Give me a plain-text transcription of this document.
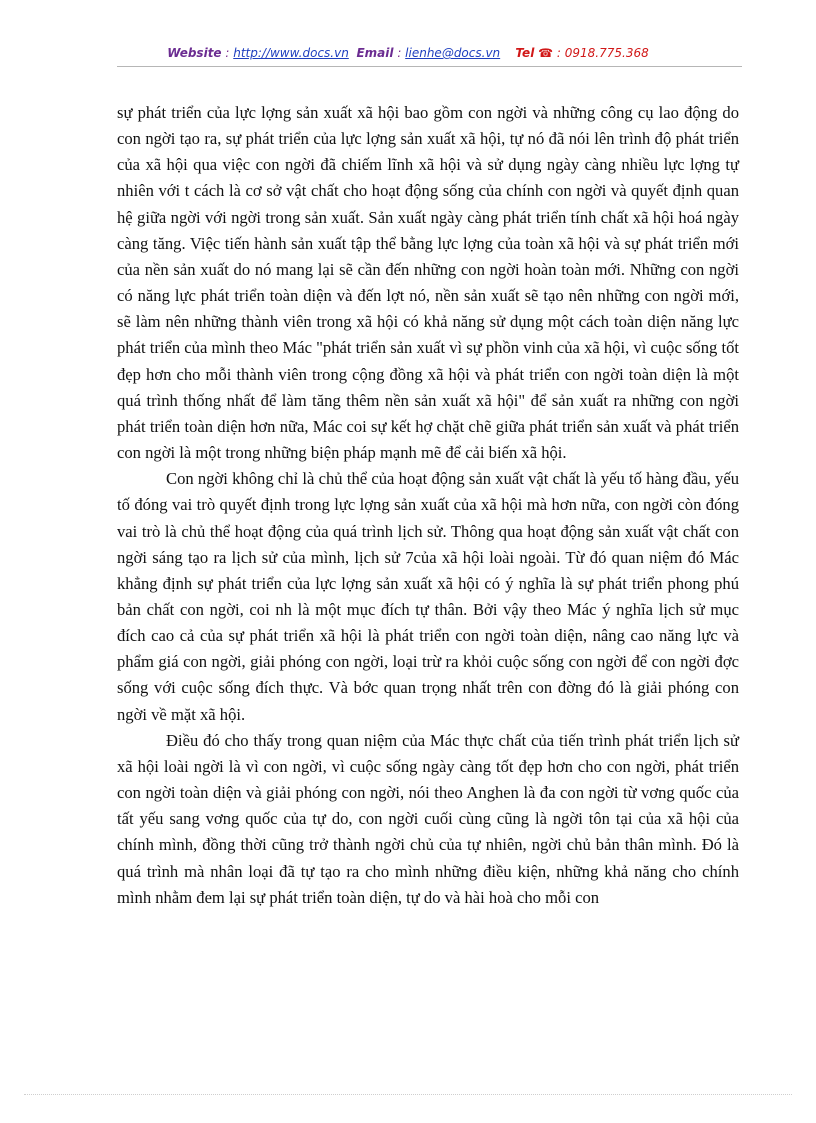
Website : http://www.docs.vn Email : lienhe@docs.vn Tel ☎ : 0918.775.368

sự phát triển của lực lợng sản xuất xã hội bao gồm con ngời và những công cụ lao động do con ngời tạo ra, sự phát triển của lực lợng sản xuất xã hội, tự nó đã nói lên trình độ phát triển của xã hội qua việc con ngời đã chiếm lĩnh xã hội và sử dụng ngày càng nhiều lực lợng tự nhiên với t cách là cơ sở vật chất cho hoạt động sống của chính con ngời và quyết định quan hệ giữa ngời với ngời trong sản xuất. Sản xuất ngày càng phát triển tính chất xã hội hoá ngày càng tăng. Việc tiến hành sản xuất tập thể bằng lực lợng của toàn xã hội và sự phát triển mới của nền sản xuất do nó mang lại sẽ cần đến những con ngời hoàn toàn mới. Những con ngời có năng lực phát triển toàn diện và đến lợt nó, nền sản xuất sẽ tạo nên những con ngời mới, sẽ làm nên những thành viên trong xã hội có khả năng sử dụng một cách toàn diện năng lực phát triển của mình theo Mác "phát triển sản xuất vì sự phồn vinh của xã hội, vì cuộc sống tốt đẹp hơn cho mỗi thành viên trong cộng đồng xã hội và phát triển con ngời toàn diện là một quá trình thống nhất để làm tăng thêm nền sản xuất xã hội" để sản xuất ra những con ngời phát triển toàn diện hơn nữa, Mác coi sự kết hợ chặt chẽ giữa phát triển sản xuất và phát triển con ngời là một trong những biện pháp mạnh mẽ để cải biến xã hội.

Con ngời không chỉ là chủ thể của hoạt động sản xuất vật chất là yếu tố hàng đầu, yếu tố đóng vai trò quyết định trong lực lợng sản xuất của xã hội mà hơn nữa, con ngời còn đóng vai trò là chủ thể hoạt động của quá trình lịch sử. Thông qua hoạt động sản xuất vật chất con ngời sáng tạo ra lịch sử của mình, lịch sử 7của xã hội loài ngoài. Từ đó quan niệm đó Mác khẳng định sự phát triển của lực lợng sản xuất xã hội có ý nghĩa là sự phát triển phong phú bản chất con ngời, coi nh là một mục đích tự thân. Bởi vậy theo Mác ý nghĩa lịch sử mục đích cao cả của sự phát triển xã hội là phát triển con ngời toàn diện, nâng cao năng lực và phẩm giá con ngời, giải phóng con ngời, loại trừ ra khỏi cuộc sống con ngời để con ngời đợc sống với cuộc sống đích thực. Và bớc quan trọng nhất trên con đờng đó là giải phóng con ngời về mặt xã hội.

Điều đó cho thấy trong quan niệm của Mác thực chất của tiến trình phát triển lịch sử xã hội loài ngời là vì con ngời, vì cuộc sống ngày càng tốt đẹp hơn cho con ngời, phát triển con ngời toàn diện và giải phóng con ngời, nói theo Anghen là đa con ngời từ vơng quốc của tất yếu sang vơng quốc của tự do, con ngời cuối cùng cũng là ngời tôn tại của xã hội của chính mình, đồng thời cũng trở thành ngời chủ của tự nhiên, ngời chủ bản thân mình. Đó là quá trình mà nhân loại đã tự tạo ra cho mình những điều kiện, những khả năng cho chính mình nhằm đem lại sự phát triển toàn diện, tự do và hài hoà cho mỗi con
